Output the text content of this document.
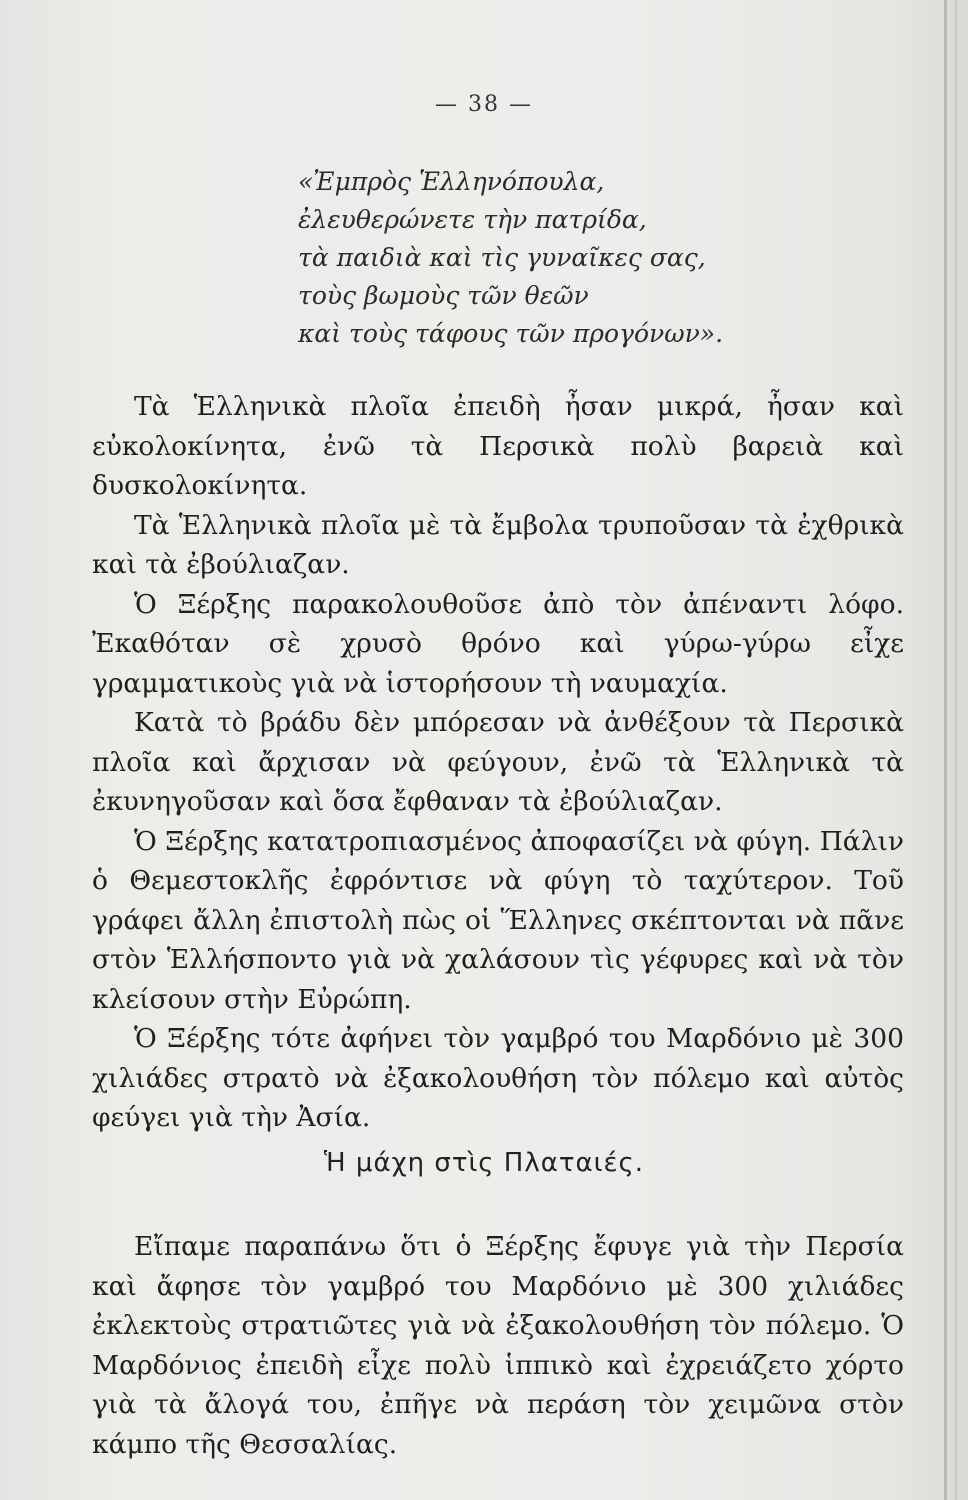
— 38 —
«Ἐμπρὸς Ἑλληνόπουλα,
ἐλευθερώνετε τὴν πατρίδα,
τὰ παιδιὰ καὶ τὶς γυναῖκες σας,
τοὺς βωμοὺς τῶν θεῶν
καὶ τοὺς τάφους τῶν προγόνων».

Τὰ Ἑλληνικὰ πλοῖα ἐπειδὴ ἦσαν μικρά, ἦσαν καὶ εὐκολοκίνητα, ἐνῶ τὰ Περσικὰ πολὺ βαρειὰ καὶ δυσκολοκίνητα.

Τὰ Ἑλληνικὰ πλοῖα μὲ τὰ ἔμβολα τρυποῦσαν τὰ ἐχθρικὰ καὶ τὰ ἐβούλιαζαν.

Ὁ Ξέρξης παρακολουθοῦσε ἀπὸ τὸν ἀπέναντι λόφο. Ἐκαθόταν σὲ χρυσὸ θρόνο καὶ γύρω-γύρω εἶχε γραμματικοὺς γιὰ νὰ ἱστορήσουν τὴ ναυμαχία.

Κατὰ τὸ βράδυ δὲν μπόρεσαν νὰ ἀνθέξουν τὰ Περσικὰ πλοῖα καὶ ἄρχισαν νὰ φεύγουν, ἐνῶ τὰ Ἑλληνικὰ τὰ ἐκυνηγοῦσαν καὶ ὅσα ἔφθαναν τὰ ἐβούλιαζαν.

Ὁ Ξέρξης κατατροπιασμένος ἀποφασίζει νὰ φύγη. Πάλιν ὁ Θεμεστοκλῆς ἐφρόντισε νὰ φύγη τὸ ταχύτερον. Τοῦ γράφει ἄλλη ἐπιστολὴ πὼς οἱ Ἕλληνες σκέπτονται νὰ πᾶνε στὸν Ἑλλήσποντο γιὰ νὰ χαλάσουν τὶς γέφυρες καὶ νὰ τὸν κλείσουν στὴν Εὐρώπη.

Ὁ Ξέρξης τότε ἀφήνει τὸν γαμβρό του Μαρδόνιο μὲ 300 χιλιάδες στρατὸ νὰ ἐξακολουθήση τὸν πόλεμο καὶ αὐτὸς φεύγει γιὰ τὴν Ἀσία.

Ἡ μάχη στὶς Πλαταιές.

Εἴπαμε παραπάνω ὅτι ὁ Ξέρξης ἔφυγε γιὰ τὴν Περσία καὶ ἄφησε τὸν γαμβρό του Μαρδόνιο μὲ 300 χιλιάδες ἐκλεκτοὺς στρατιῶτες γιὰ νὰ ἐξακολουθήση τὸν πόλεμο. Ὁ Μαρδόνιος ἐπειδὴ εἶχε πολὺ ἱππικὸ καὶ ἐχρειάζετο χόρτο γιὰ τὰ ἄλογά του, ἐπῆγε νὰ περάση τὸν χειμῶνα στὸν κάμπο τῆς Θεσσαλίας.
